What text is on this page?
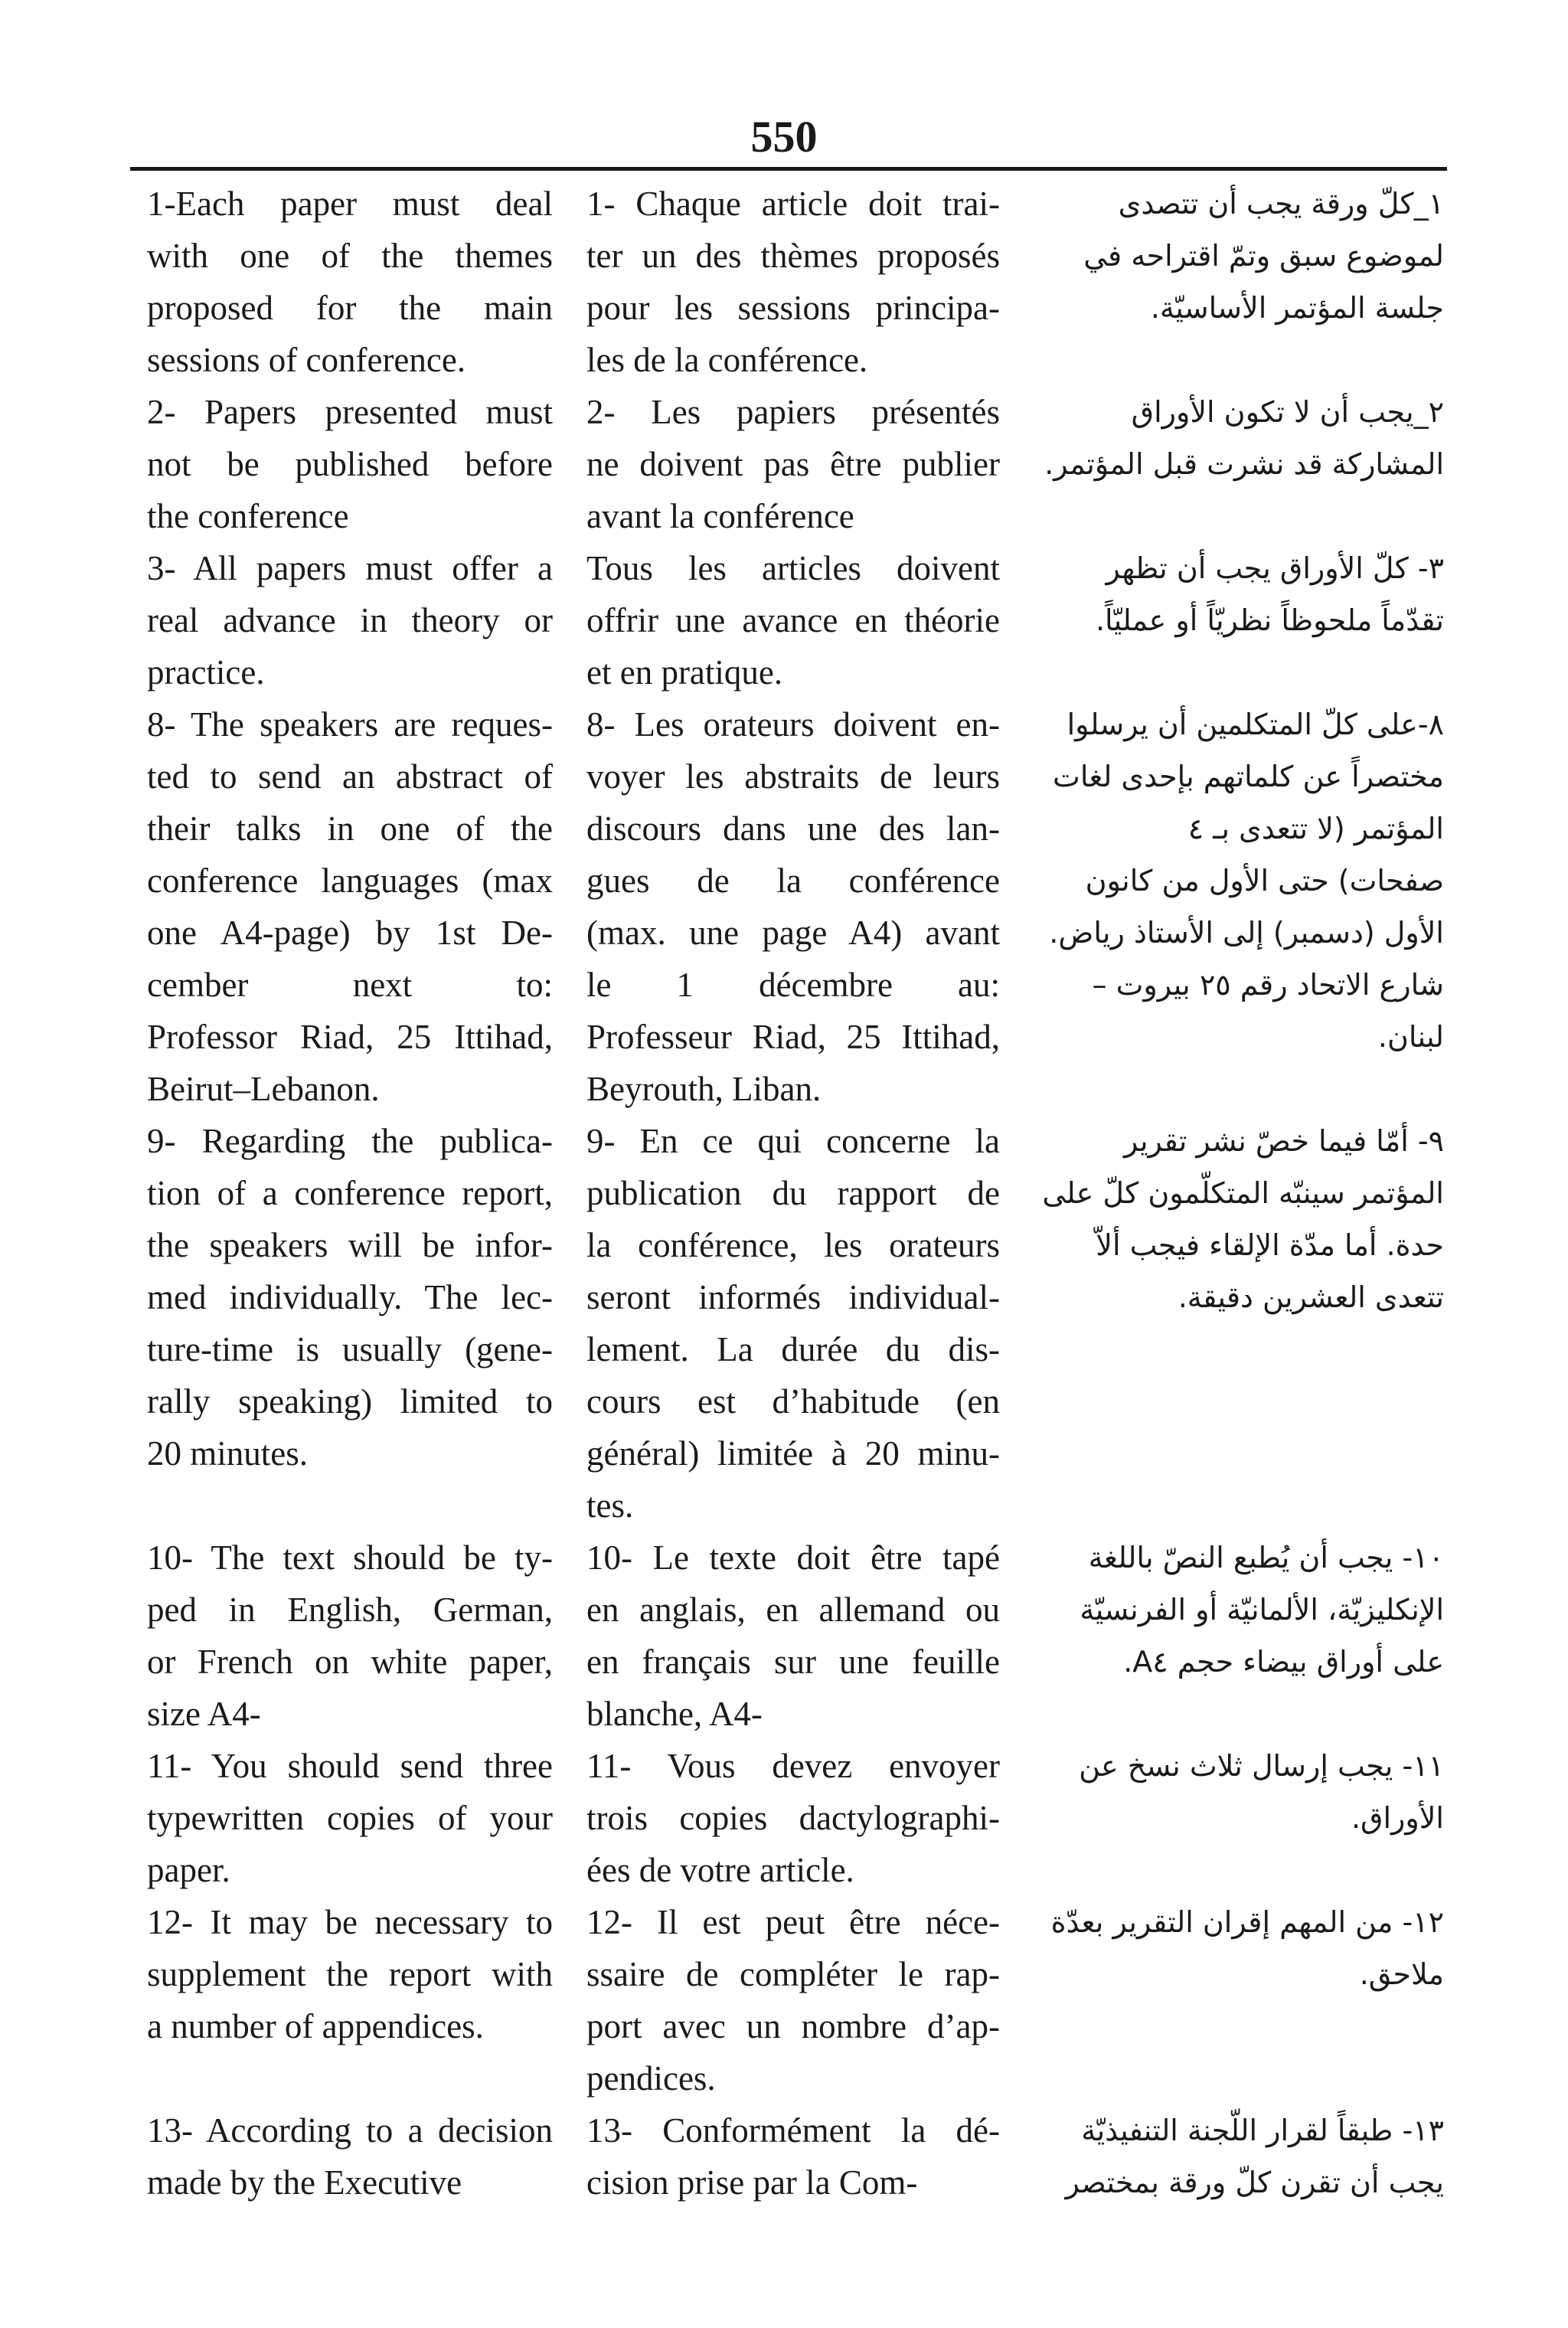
550

1-Each paper must deal
with one of the themes
proposed for the main
sessions of conference.

2- Papers presented must
not be published before
the conference

3- All papers must offer a
real advance in theory or
practice.

8- The speakers are reques-
ted to send an abstract of
their talks in one of the
conference languages (max
one A4-page) by 1st De-
cember next to:
Professor Riad, 25 Ittihad,
Beirut–Lebanon.

9- Regarding the publica-
tion of a conference report,
the speakers will be infor-
med individually. The lec-
ture-time is usually (gene-
rally speaking) limited to
20 minutes.

10- The text should be ty-
ped in English, German,
or French on white paper,
size A4-

11- You should send three
typewritten copies of your
paper.

12- It may be necessary to
supplement the report with
a number of appendices.

13- According to a decision
made by the Executive

1- Chaque article doit trai-
ter un des thèmes proposés
pour les sessions principa-
les de la conférence.

2- Les papiers présentés
ne doivent pas être publier
avant la conférence

Tous les articles doivent
offrir une avance en théorie
et en pratique.

8- Les orateurs doivent en-
voyer les abstraits de leurs
discours dans une des lan-
gues de la conférence
(max. une page A4) avant
le 1 décembre au:
Professeur Riad, 25 Ittihad,
Beyrouth, Liban.

9- En ce qui concerne la
publication du rapport de
la conférence, les orateurs
seront informés individual-
lement. La durée du dis-
cours est d’habitude (en
général) limitée à 20 minu-
tes.

10- Le texte doit être tapé
en anglais, en allemand ou
en français sur une feuille
blanche, A4-

11- Vous devez envoyer
trois copies dactylographi-
ées de votre article.

12- Il est peut être néce-
ssaire de compléter le rap-
port avec un nombre d’ap-
pendices.

13- Conformément la dé-
cision prise par la Com-

١_كلّ ورقة يجب أن تتصدى
لموضوع سبق وتمّ اقتراحه في
جلسة المؤتمر الأساسيّة.

٢_يجب أن لا تكون الأوراق
المشاركة قد نشرت قبل المؤتمر.

٣- كلّ الأوراق يجب أن تظهر
تقدّماً ملحوظاً نظريّاً أو عمليّاً.

٨-على كلّ المتكلمين أن يرسلوا
مختصراً عن كلماتهم بإحدى لغات
المؤتمر (لا تتعدى بـ ٤
صفحات) حتى الأول من كانون
الأول (دسمبر) إلى الأستاذ رياض.
شارع الاتحاد رقم ٢٥ بيروت –
لبنان.

٩- أمّا فيما خصّ نشر تقرير
المؤتمر سينبّه المتكلّمون كلّ على
حدة. أما مدّة الإلقاء فيجب ألاّ
تتعدى العشرين دقيقة.

١٠- يجب أن يُطبع النصّ باللغة
الإنكليزيّة، الألمانيّة أو الفرنسيّة
على أوراق بيضاء حجم A٤.

١١- يجب إرسال ثلاث نسخ عن
الأوراق.

١٢- من المهم إقران التقرير بعدّة
ملاحق.

١٣- طبقاً لقرار اللّجنة التنفيذيّة
يجب أن تقرن كلّ ورقة بمختصر
